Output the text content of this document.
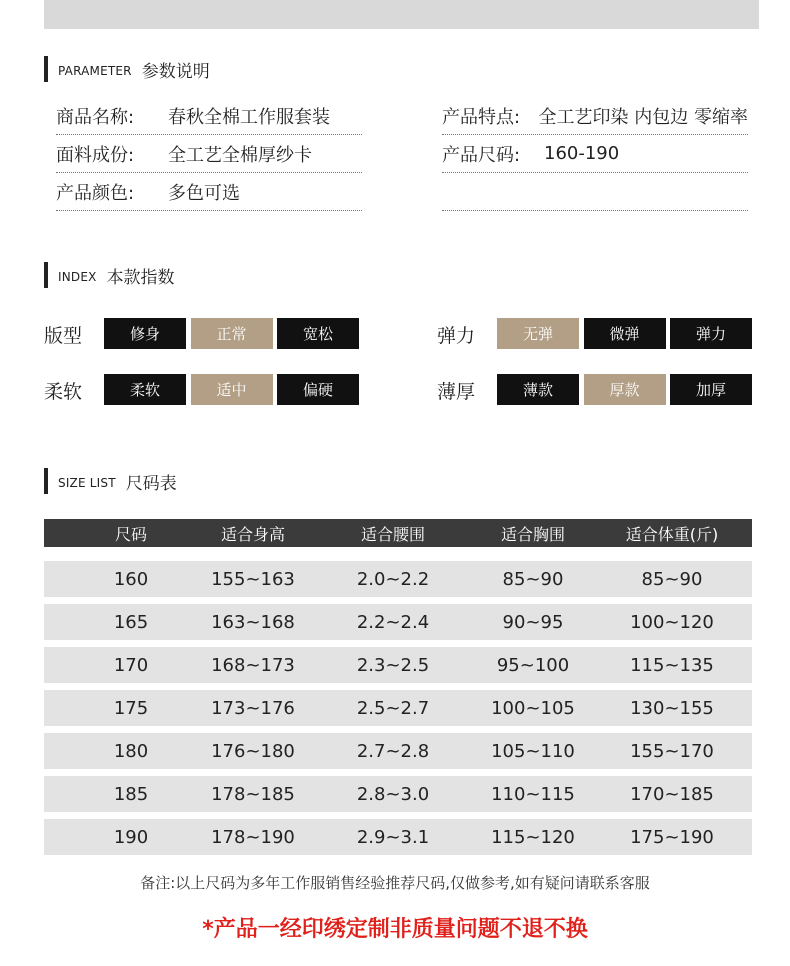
PARAMETER 参数说明
商品名称:	春秋全棉工作服套装
面料成份:	全工艺全棉厚纱卡
产品颜色:	多色可选
产品特点:	全工艺印染 内包边 零缩率
产品尺码:	160-190
INDEX 本款指数
版型	修身	正常	宽松	弹力	无弹	微弹	弹力
柔软	柔软	适中	偏硬	薄厚	薄款	厚款	加厚
SIZE LIST 尺码表
尺码	适合身高	适合腰围	适合胸围	适合体重(斤)
160	155~163	2.0~2.2	85~90	85~90
165	163~168	2.2~2.4	90~95	100~120
170	168~173	2.3~2.5	95~100	115~135
175	173~176	2.5~2.7	100~105	130~155
180	176~180	2.7~2.8	105~110	155~170
185	178~185	2.8~3.0	110~115	170~185
190	178~190	2.9~3.1	115~120	175~190
备注:以上尺码为多年工作服销售经验推荐尺码,仅做参考,如有疑问请联系客服
*产品一经印绣定制非质量问题不退不换
